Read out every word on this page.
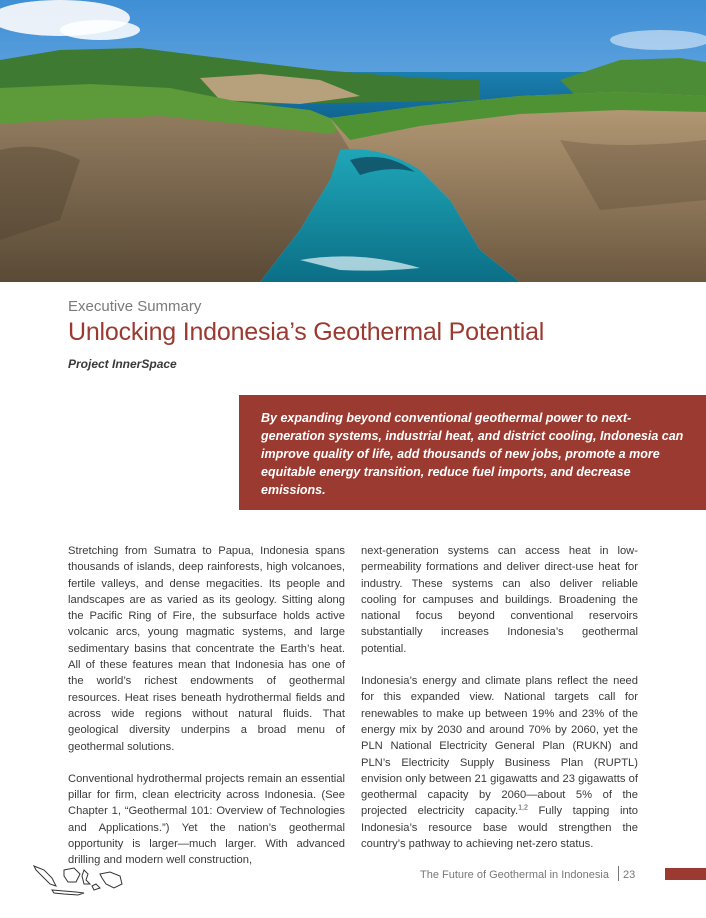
Executive Summary
Unlocking Indonesia’s Geothermal Potential
Project InnerSpace
By expanding beyond conventional geothermal power to next-generation systems, industrial heat, and district cooling, Indonesia can improve quality of life, add thousands of new jobs, promote a more equitable energy transition, reduce fuel imports, and decrease emissions.

Stretching from Sumatra to Papua, Indonesia spans thousands of islands, deep rainforests, high volcanoes, fertile valleys, and dense megacities. Its people and landscapes are as varied as its geology. Sitting along the Pacific Ring of Fire, the subsurface holds active volcanic arcs, young magmatic systems, and large sedimentary basins that concentrate the Earth’s heat. All of these features mean that Indonesia has one of the world’s richest endowments of geothermal resources. Heat rises beneath hydrothermal fields and across wide regions without natural fluids. That geological diversity underpins a broad menu of geothermal solutions.

Conventional hydrothermal projects remain an essential pillar for firm, clean electricity across Indonesia. (See Chapter 1, “Geothermal 101: Overview of Technologies and Applications.”) Yet the nation’s geothermal opportunity is larger—much larger. With advanced drilling and modern well construction,

next-generation systems can access heat in low-permeability formations and deliver direct-use heat for industry. These systems can also deliver reliable cooling for campuses and buildings. Broadening the national focus beyond conventional reservoirs substantially increases Indonesia’s geothermal potential.

Indonesia’s energy and climate plans reflect the need for this expanded view. National targets call for renewables to make up between 19% and 23% of the energy mix by 2030 and around 70% by 2060, yet the PLN National Electricity General Plan (RUKN) and PLN’s Electricity Supply Business Plan (RUPTL) envision only between 21 gigawatts and 23 gigawatts of geothermal capacity by 2060—about 5% of the projected electricity capacity.$^{1,2}$ Fully tapping into Indonesia’s resource base would strengthen the country’s pathway to achieving net-zero status.

The Future of Geothermal in Indonesia 23
